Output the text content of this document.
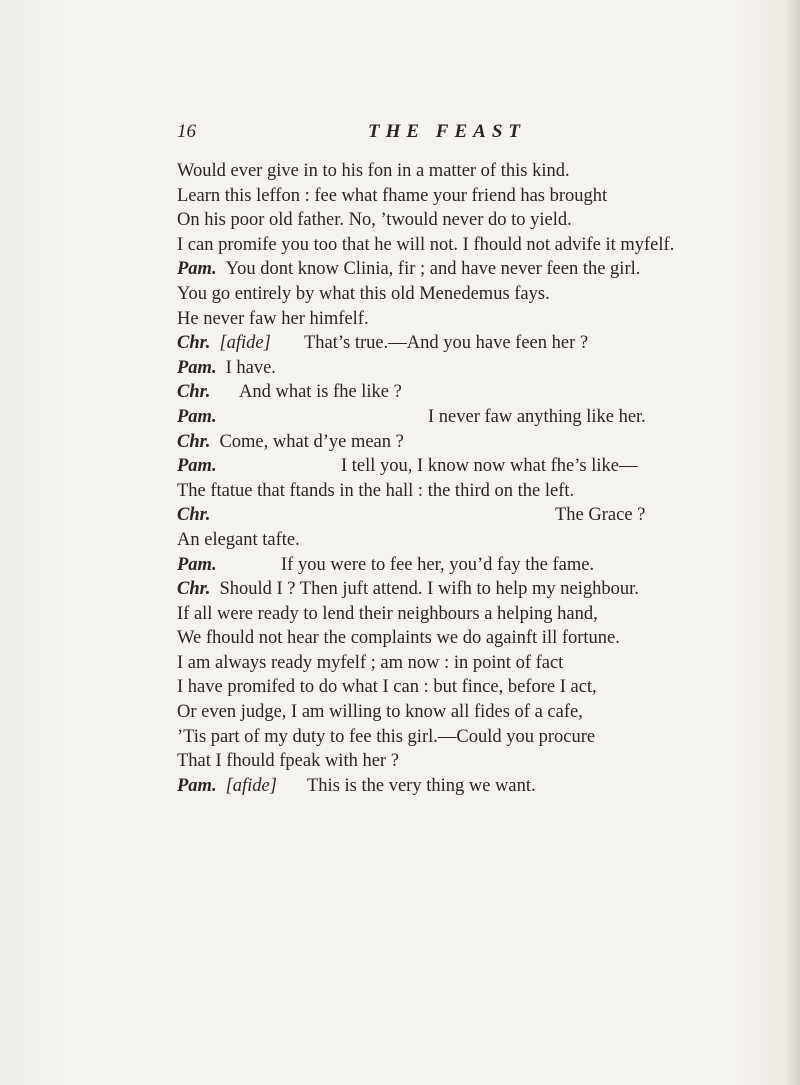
16	THE FEAST
Would ever give in to his fon in a matter of this kind.
Learn this leffon : fee what fhame your friend has brought
On his poor old father. No, ’twould never do to yield.
I can promife you too that he will not. I fhould not advife it myfelf.
Pam. You dont know Clinia, fir ; and have never feen the girl.
You go entirely by what this old Menedemus fays.
He never faw her himfelf.
Chr. [afide] That’s true.—And you have feen her ?
Pam. I have.
Chr. And what is fhe like ?
Pam.	I never faw anything like her.
Chr. Come, what d’ye mean ?
Pam.	I tell you, I know now what fhe’s like—
The ftatue that ftands in the hall : the third on the left.
Chr.	The Grace ?
An elegant tafte.
Pam.	If you were to fee her, you’d fay the fame.
Chr. Should I ? Then juft attend. I wifh to help my neighbour.
If all were ready to lend their neighbours a helping hand,
We fhould not hear the complaints we do againft ill fortune.
I am always ready myfelf ; am now : in point of fact
I have promifed to do what I can : but fince, before I act,
Or even judge, I am willing to know all fides of a cafe,
’Tis part of my duty to fee this girl.—Could you procure
That I fhould fpeak with her ?
Pam. [afide] This is the very thing we want.
